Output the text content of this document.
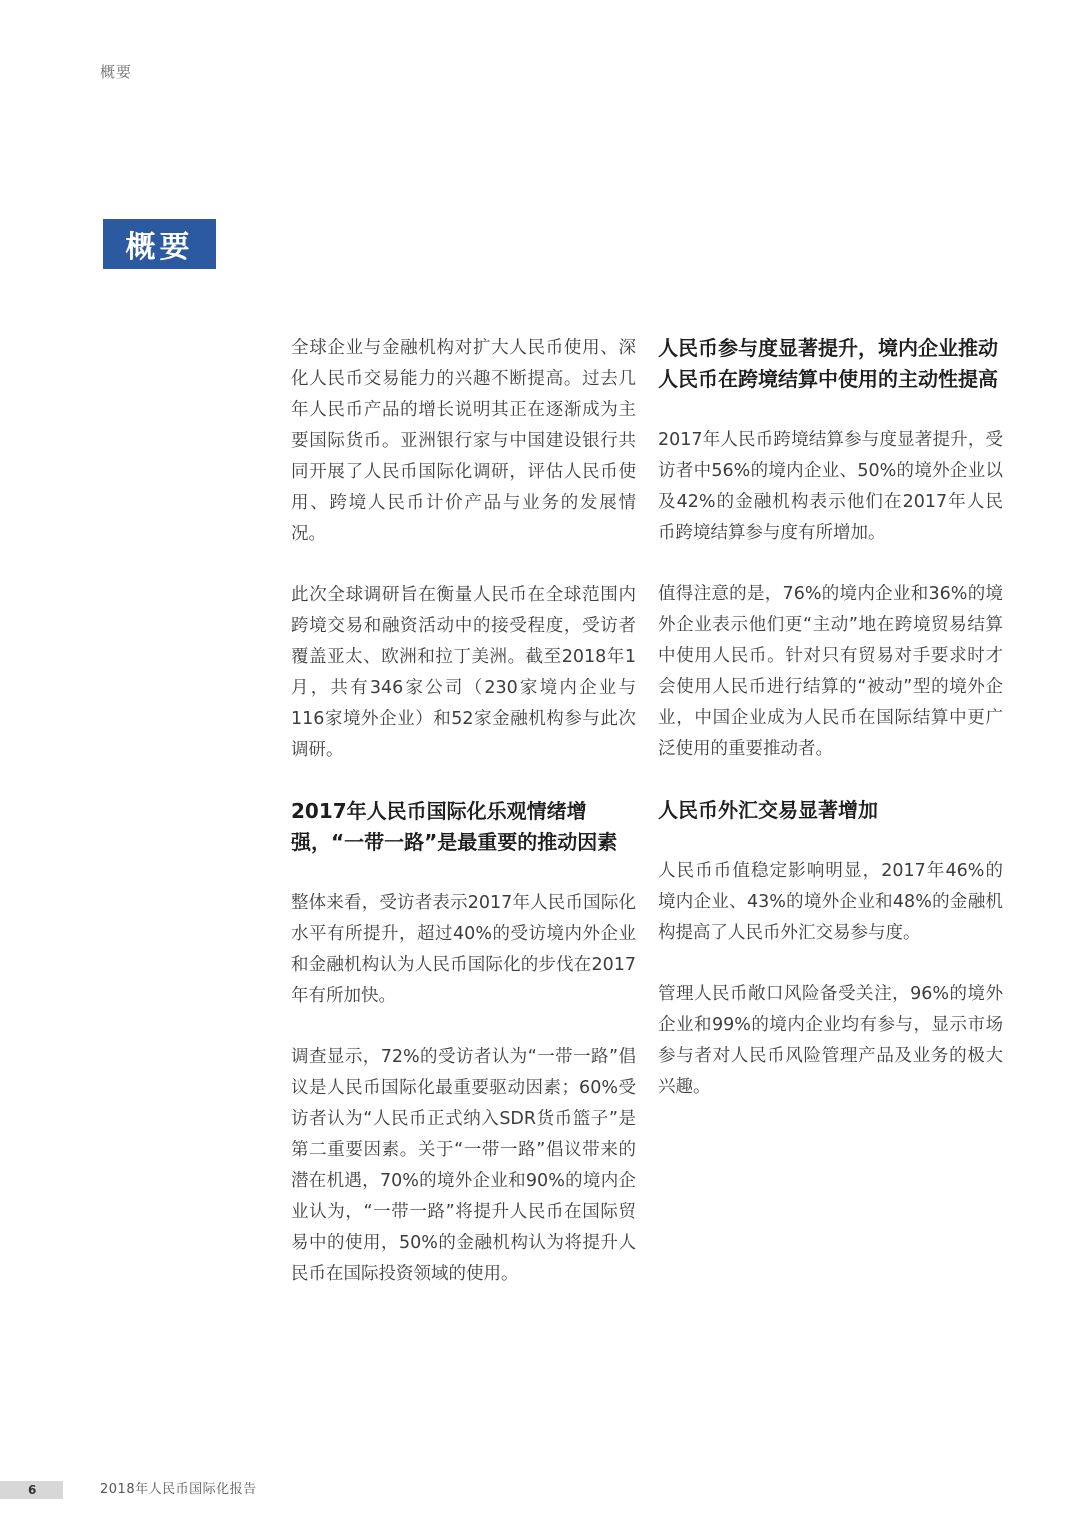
概要
概要

全球企业与金融机构对扩大人民币使用、深化人民币交易能力的兴趣不断提高。过去几年人民币产品的增长说明其正在逐渐成为主要国际货币。亚洲银行家与中国建设银行共同开展了人民币国际化调研，评估人民币使用、跨境人民币计价产品与业务的发展情况。

此次全球调研旨在衡量人民币在全球范围内跨境交易和融资活动中的接受程度，受访者覆盖亚太、欧洲和拉丁美洲。截至2018年1月，共有346家公司（230家境内企业与116家境外企业）和52家金融机构参与此次调研。

2017年人民币国际化乐观情绪增强，“一带一路”是最重要的推动因素

整体来看，受访者表示2017年人民币国际化水平有所提升，超过40%的受访境内外企业和金融机构认为人民币国际化的步伐在2017年有所加快。

调查显示，72%的受访者认为“一带一路”倡议是人民币国际化最重要驱动因素；60%受访者认为“人民币正式纳入SDR货币篮子”是第二重要因素。关于“一带一路”倡议带来的潜在机遇，70%的境外企业和90%的境内企业认为，“一带一路”将提升人民币在国际贸易中的使用，50%的金融机构认为将提升人民币在国际投资领域的使用。

人民币参与度显著提升，境内企业推动人民币在跨境结算中使用的主动性提高

2017年人民币跨境结算参与度显著提升，受访者中56%的境内企业、50%的境外企业以及42%的金融机构表示他们在2017年人民币跨境结算参与度有所增加。

值得注意的是，76%的境内企业和36%的境外企业表示他们更“主动”地在跨境贸易结算中使用人民币。针对只有贸易对手要求时才会使用人民币进行结算的“被动”型的境外企业，中国企业成为人民币在国际结算中更广泛使用的重要推动者。

人民币外汇交易显著增加

人民币币值稳定影响明显，2017年46%的境内企业、43%的境外企业和48%的金融机构提高了人民币外汇交易参与度。

管理人民币敞口风险备受关注，96%的境外企业和99%的境内企业均有参与，显示市场参与者对人民币风险管理产品及业务的极大兴趣。

6	2018年人民币国际化报告
